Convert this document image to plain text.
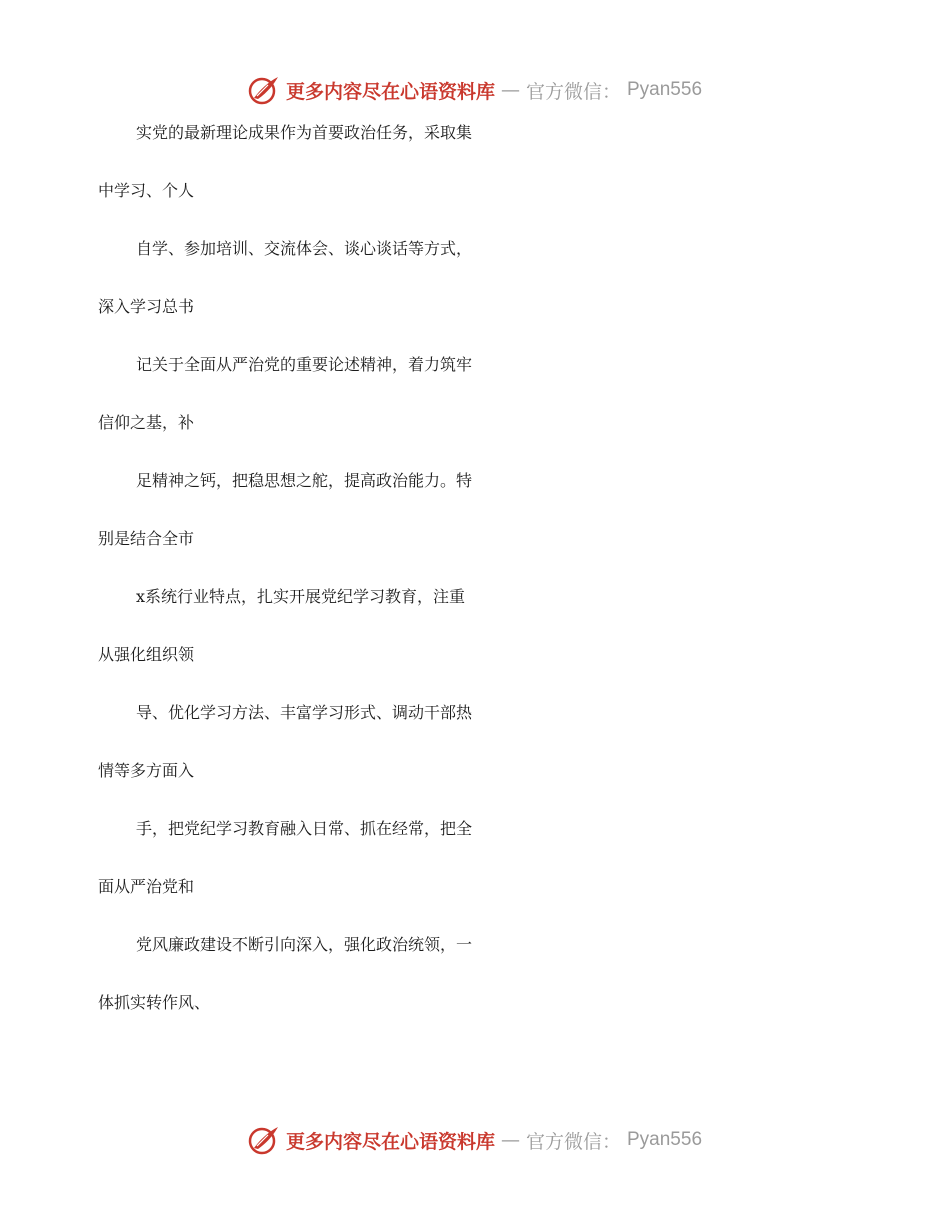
更多内容尽在心语资料库 — 官方微信： Pyan556
实党的最新理论成果作为首要政治任务，采取集
中学习、个人
自学、参加培训、交流体会、谈心谈话等方式，
深入学习总书
记关于全面从严治党的重要论述精神，着力筑牢
信仰之基，补
足精神之钙，把稳思想之舵，提高政治能力。特
别是结合全市
x系统行业特点，扎实开展党纪学习教育，注重
从强化组织领
导、优化学习方法、丰富学习形式、调动干部热
情等多方面入
手，把党纪学习教育融入日常、抓在经常，把全
面从严治党和
党风廉政建设不断引向深入，强化政治统领，一
体抓实转作风、
更多内容尽在心语资料库 — 官方微信： Pyan556
